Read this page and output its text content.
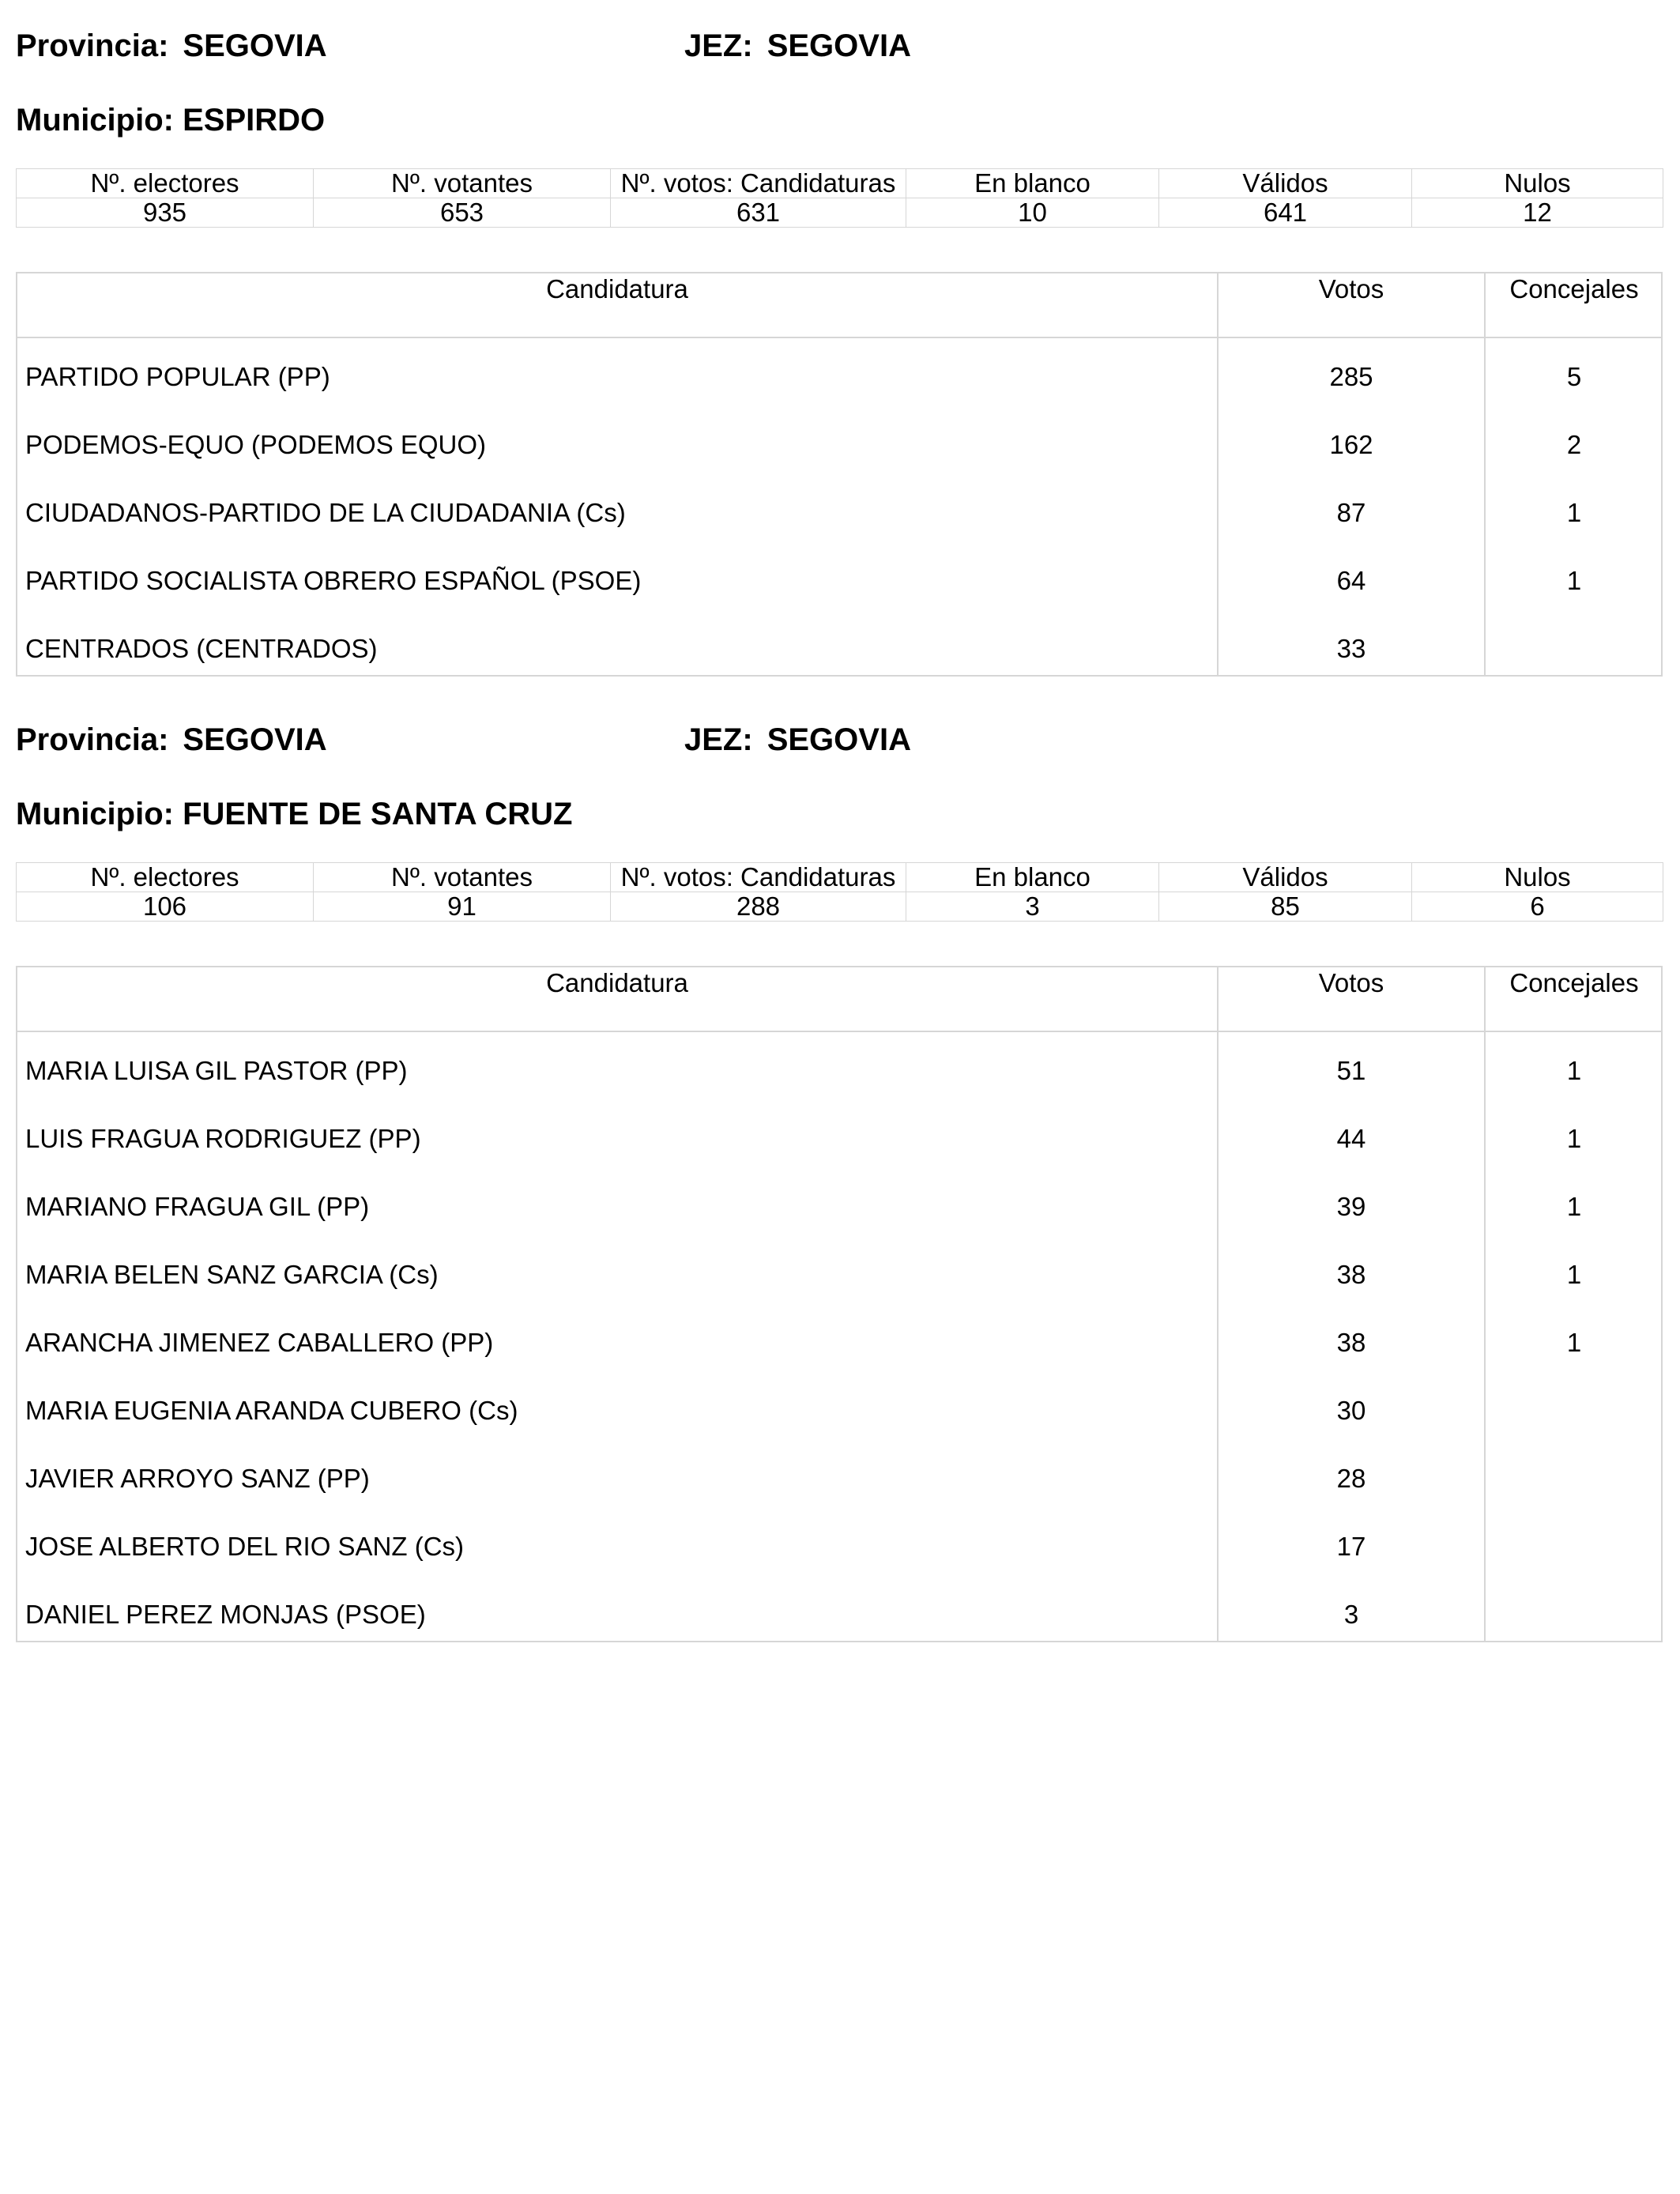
Provincia: SEGOVIA	JEZ: SEGOVIA
Municipio: ESPIRDO
Nº. electores	Nº. votantes	Nº. votos: Candidaturas	En blanco	Válidos	Nulos
935	653	631	10	641	12
Candidatura	Votos	Concejales
PARTIDO POPULAR (PP)	285	5
PODEMOS-EQUO (PODEMOS EQUO)	162	2
CIUDADANOS-PARTIDO DE LA CIUDADANIA (Cs)	87	1
PARTIDO SOCIALISTA OBRERO ESPAÑOL (PSOE)	64	1
CENTRADOS (CENTRADOS)	33
Provincia: SEGOVIA	JEZ: SEGOVIA
Municipio: FUENTE DE SANTA CRUZ
Nº. electores	Nº. votantes	Nº. votos: Candidaturas	En blanco	Válidos	Nulos
106	91	288	3	85	6
Candidatura	Votos	Concejales
MARIA LUISA GIL PASTOR (PP)	51	1
LUIS FRAGUA RODRIGUEZ (PP)	44	1
MARIANO FRAGUA GIL (PP)	39	1
MARIA BELEN SANZ GARCIA (Cs)	38	1
ARANCHA JIMENEZ CABALLERO (PP)	38	1
MARIA EUGENIA ARANDA CUBERO (Cs)	30
JAVIER ARROYO SANZ (PP)	28
JOSE ALBERTO DEL RIO SANZ (Cs)	17
DANIEL PEREZ MONJAS (PSOE)	3
